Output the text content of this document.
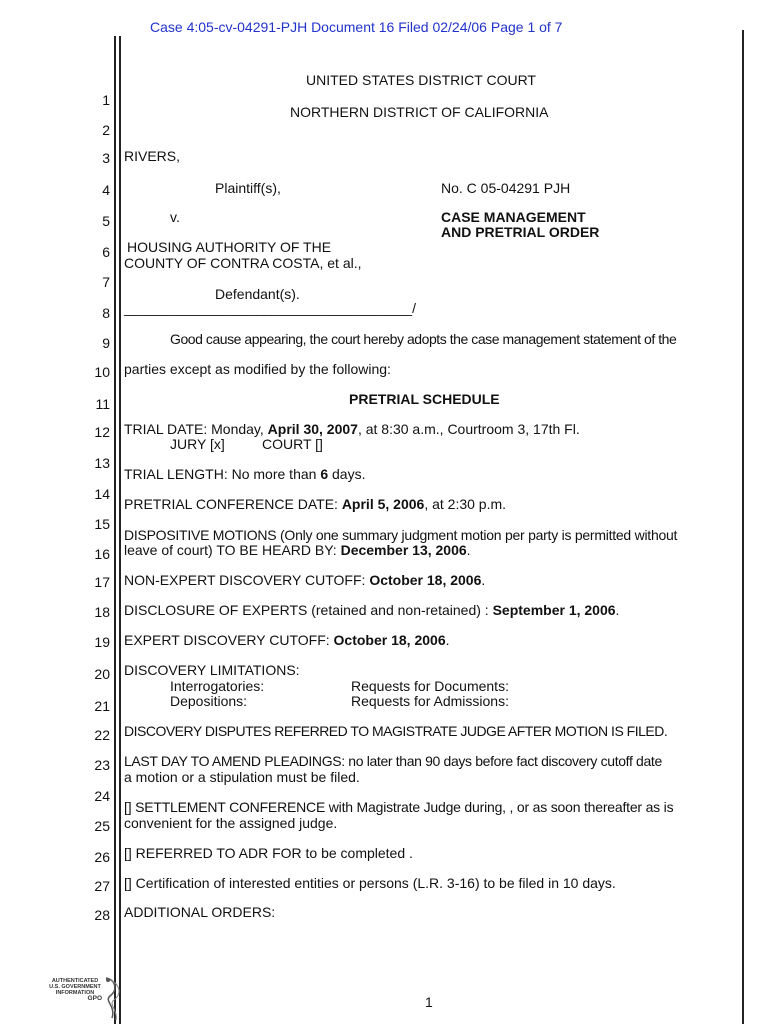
Case 4:05-cv-04291-PJH Document 16 Filed 02/24/06 Page 1 of 7
1
2
3
4
5
6
7
8
9
10
11
12
13
14
15
16
17
18
19
20
21
22
23
24
25
26
27
28
UNITED STATES DISTRICT COURT
NORTHERN DISTRICT OF CALIFORNIA
RIVERS,
Plaintiff(s),	No. C 05-04291 PJH
v.	CASE MANAGEMENT
AND PRETRIAL ORDER
HOUSING AUTHORITY OF THE
COUNTY OF CONTRA COSTA, et al.,
Defendant(s).
_____________________________________/
Good cause appearing, the court hereby adopts the case management statement of the
parties except as modified by the following:
PRETRIAL SCHEDULE
TRIAL DATE: Monday, April 30, 2007, at 8:30 a.m., Courtroom 3, 17th Fl.
JURY [x]	COURT []
TRIAL LENGTH: No more than 6 days.
PRETRIAL CONFERENCE DATE: April 5, 2006, at 2:30 p.m.
DISPOSITIVE MOTIONS (Only one summary judgment motion per party is permitted without
leave of court) TO BE HEARD BY: December 13, 2006.
NON-EXPERT DISCOVERY CUTOFF: October 18, 2006.
DISCLOSURE OF EXPERTS (retained and non-retained) : September 1, 2006.
EXPERT DISCOVERY CUTOFF: October 18, 2006.
DISCOVERY LIMITATIONS:
Interrogatories:	Requests for Documents:
Depositions:	Requests for Admissions:
DISCOVERY DISPUTES REFERRED TO MAGISTRATE JUDGE AFTER MOTION IS FILED.
LAST DAY TO AMEND PLEADINGS: no later than 90 days before fact discovery cutoff date
a motion or a stipulation must be filed.
[] SETTLEMENT CONFERENCE with Magistrate Judge during, , or as soon thereafter as is
convenient for the assigned judge.
[] REFERRED TO ADR FOR to be completed .
[] Certification of interested entities or persons (L.R. 3-16) to be filed in 10 days.
ADDITIONAL ORDERS:
1
AUTHENTICATED
U.S. GOVERNMENT
INFORMATION
GPO
